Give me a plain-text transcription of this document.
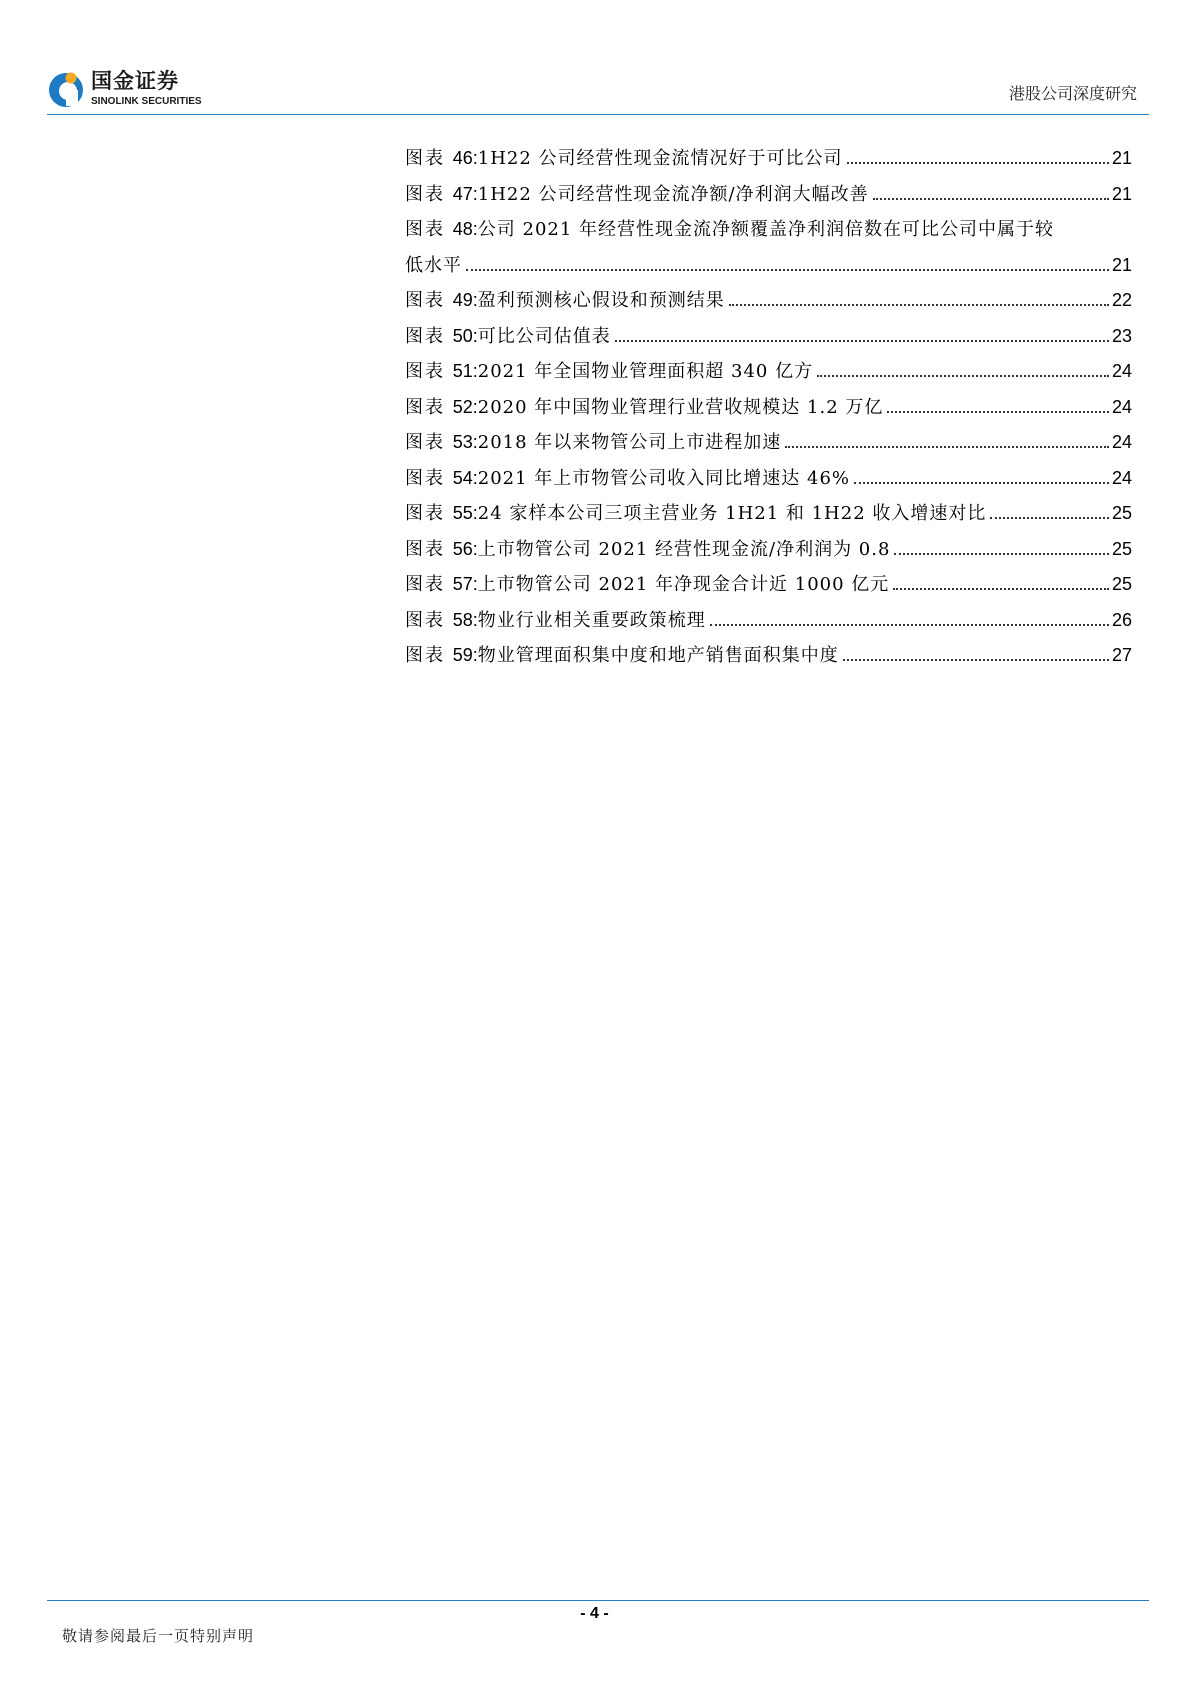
国金证券
SINOLINK SECURITIES	港股公司深度研究
图表 46: 1H22 公司经营性现金流情况好于可比公司	21
图表 47: 1H22 公司经营性现金流净额/净利润大幅改善	21
图表 48: 公司 2021 年经营性现金流净额覆盖净利润倍数在可比公司中属于较
低水平	21
图表 49: 盈利预测核心假设和预测结果	22
图表 50: 可比公司估值表	23
图表 51: 2021 年全国物业管理面积超 340 亿方	24
图表 52: 2020 年中国物业管理行业营收规模达 1.2 万亿	24
图表 53: 2018 年以来物管公司上市进程加速	24
图表 54: 2021 年上市物管公司收入同比增速达 46%	24
图表 55: 24 家样本公司三项主营业务 1H21 和 1H22 收入增速对比	25
图表 56: 上市物管公司 2021 经营性现金流/净利润为 0.8	25
图表 57: 上市物管公司 2021 年净现金合计近 1000 亿元	25
图表 58: 物业行业相关重要政策梳理	26
图表 59: 物业管理面积集中度和地产销售面积集中度	27
- 4 -
敬请参阅最后一页特别声明
